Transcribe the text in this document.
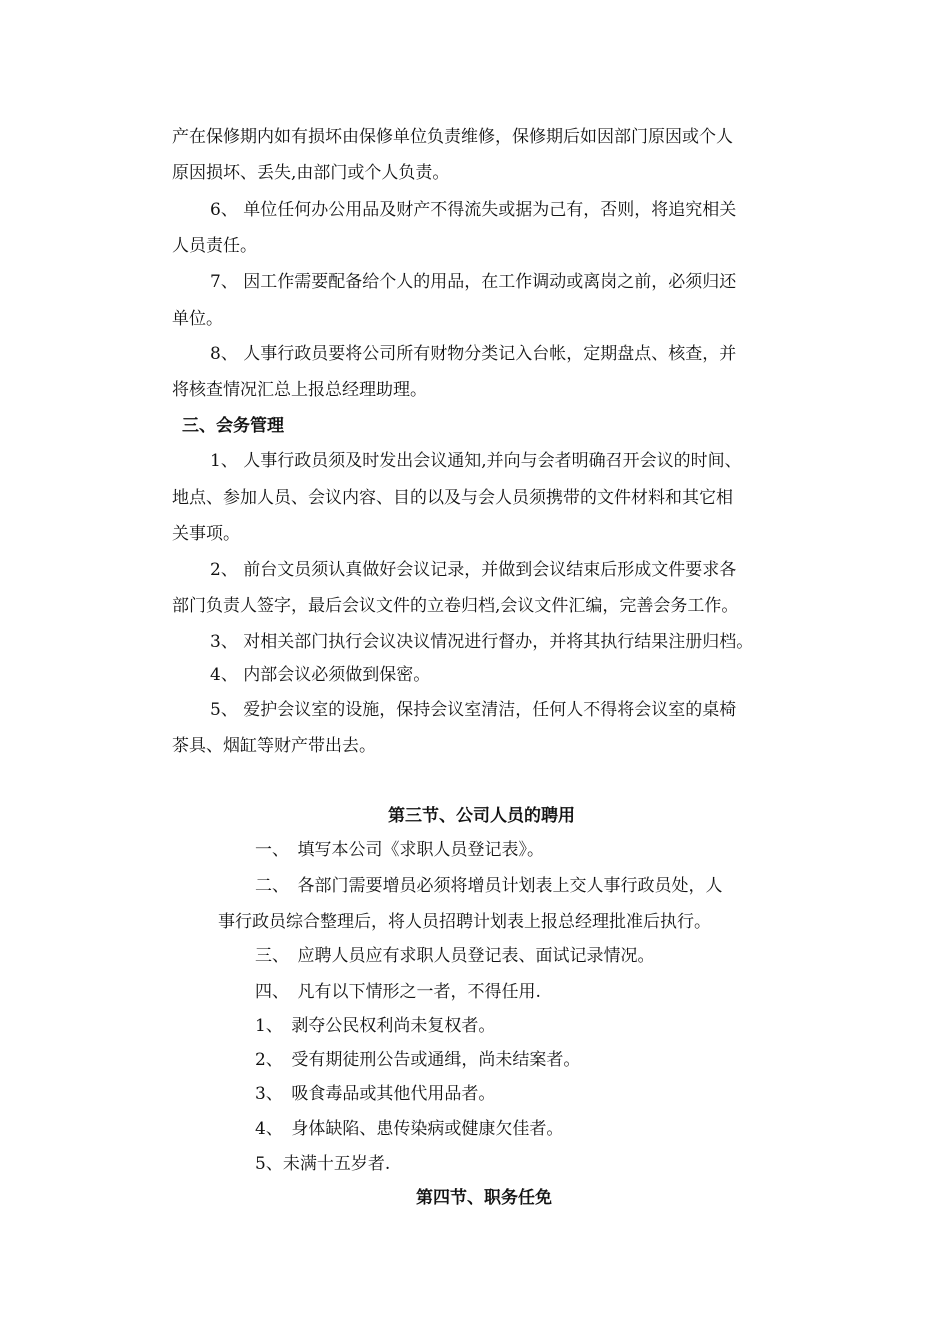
产在保修期内如有损坏由保修单位负责维修，保修期后如因部门原因或个人
原因损坏、丢失,由部门或个人负责。
6、 单位任何办公用品及财产不得流失或据为己有，否则，将追究相关
人员责任。
7、 因工作需要配备给个人的用品，在工作调动或离岗之前，必须归还
单位。
8、 人事行政员要将公司所有财物分类记入台帐，定期盘点、核查，并
将核查情况汇总上报总经理助理。
三、会务管理
1、 人事行政员须及时发出会议通知,并向与会者明确召开会议的时间、
地点、参加人员、会议内容、目的以及与会人员须携带的文件材料和其它相
关事项。
2、 前台文员须认真做好会议记录，并做到会议结束后形成文件要求各
部门负责人签字，最后会议文件的立卷归档,会议文件汇编，完善会务工作。
3、 对相关部门执行会议决议情况进行督办，并将其执行结果注册归档。
4、 内部会议必须做到保密。
5、 爱护会议室的设施，保持会议室清洁，任何人不得将会议室的桌椅
茶具、烟缸等财产带出去。
第三节、公司人员的聘用
一、　填写本公司《求职人员登记表》。
二、　各部门需要增员必须将增员计划表上交人事行政员处，人
事行政员综合整理后，将人员招聘计划表上报总经理批准后执行。
三、　应聘人员应有求职人员登记表、面试记录情况。
四、　凡有以下情形之一者，不得任用.
1、　剥夺公民权利尚未复权者。
2、　受有期徒刑公告或通缉，尚未结案者。
3、　吸食毒品或其他代用品者。
4、　身体缺陷、患传染病或健康欠佳者。
5、未满十五岁者.
第四节、职务任免
